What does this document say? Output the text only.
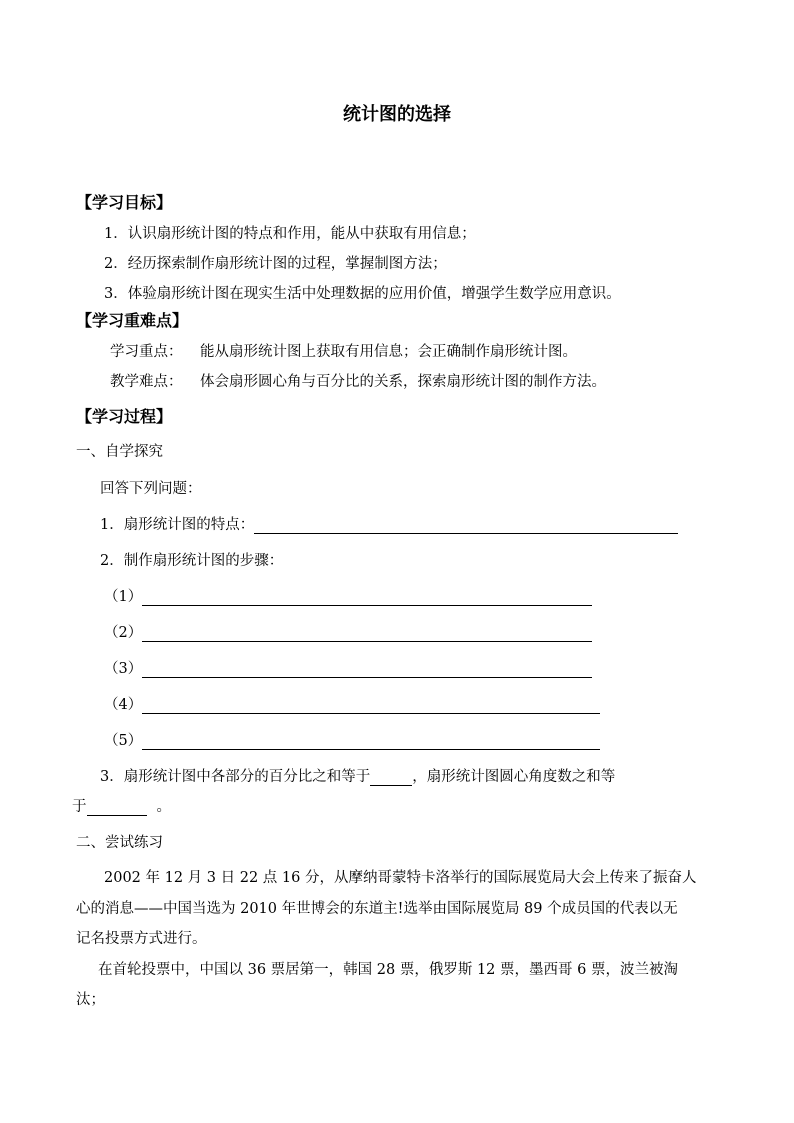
统计图的选择
【学习目标】
1．认识扇形统计图的特点和作用，能从中获取有用信息；
2．经历探索制作扇形统计图的过程，掌握制图方法；
3．体验扇形统计图在现实生活中处理数据的应用价值，增强学生数学应用意识。
【学习重难点】
学习重点： 能从扇形统计图上获取有用信息；会正确制作扇形统计图。
教学难点： 体会扇形圆心角与百分比的关系，探索扇形统计图的制作方法。
【学习过程】
一、自学探究
回答下列问题：
1．扇形统计图的特点：
2．制作扇形统计图的步骤：
（1）
（2）
（3）
（4）
（5）
3．扇形统计图中各部分的百分比之和等于	，扇形统计图圆心角度数之和等
于	。
二、尝试练习
2002 年 12 月 3 日 22 点 16 分，从摩纳哥蒙特卡洛举行的国际展览局大会上传来了振奋人
心的消息——中国当选为 2010 年世博会的东道主!选举由国际展览局 89 个成员国的代表以无
记名投票方式进行。
在首轮投票中，中国以 36 票居第一，韩国 28 票，俄罗斯 12 票，墨西哥 6 票，波兰被淘
汰；
